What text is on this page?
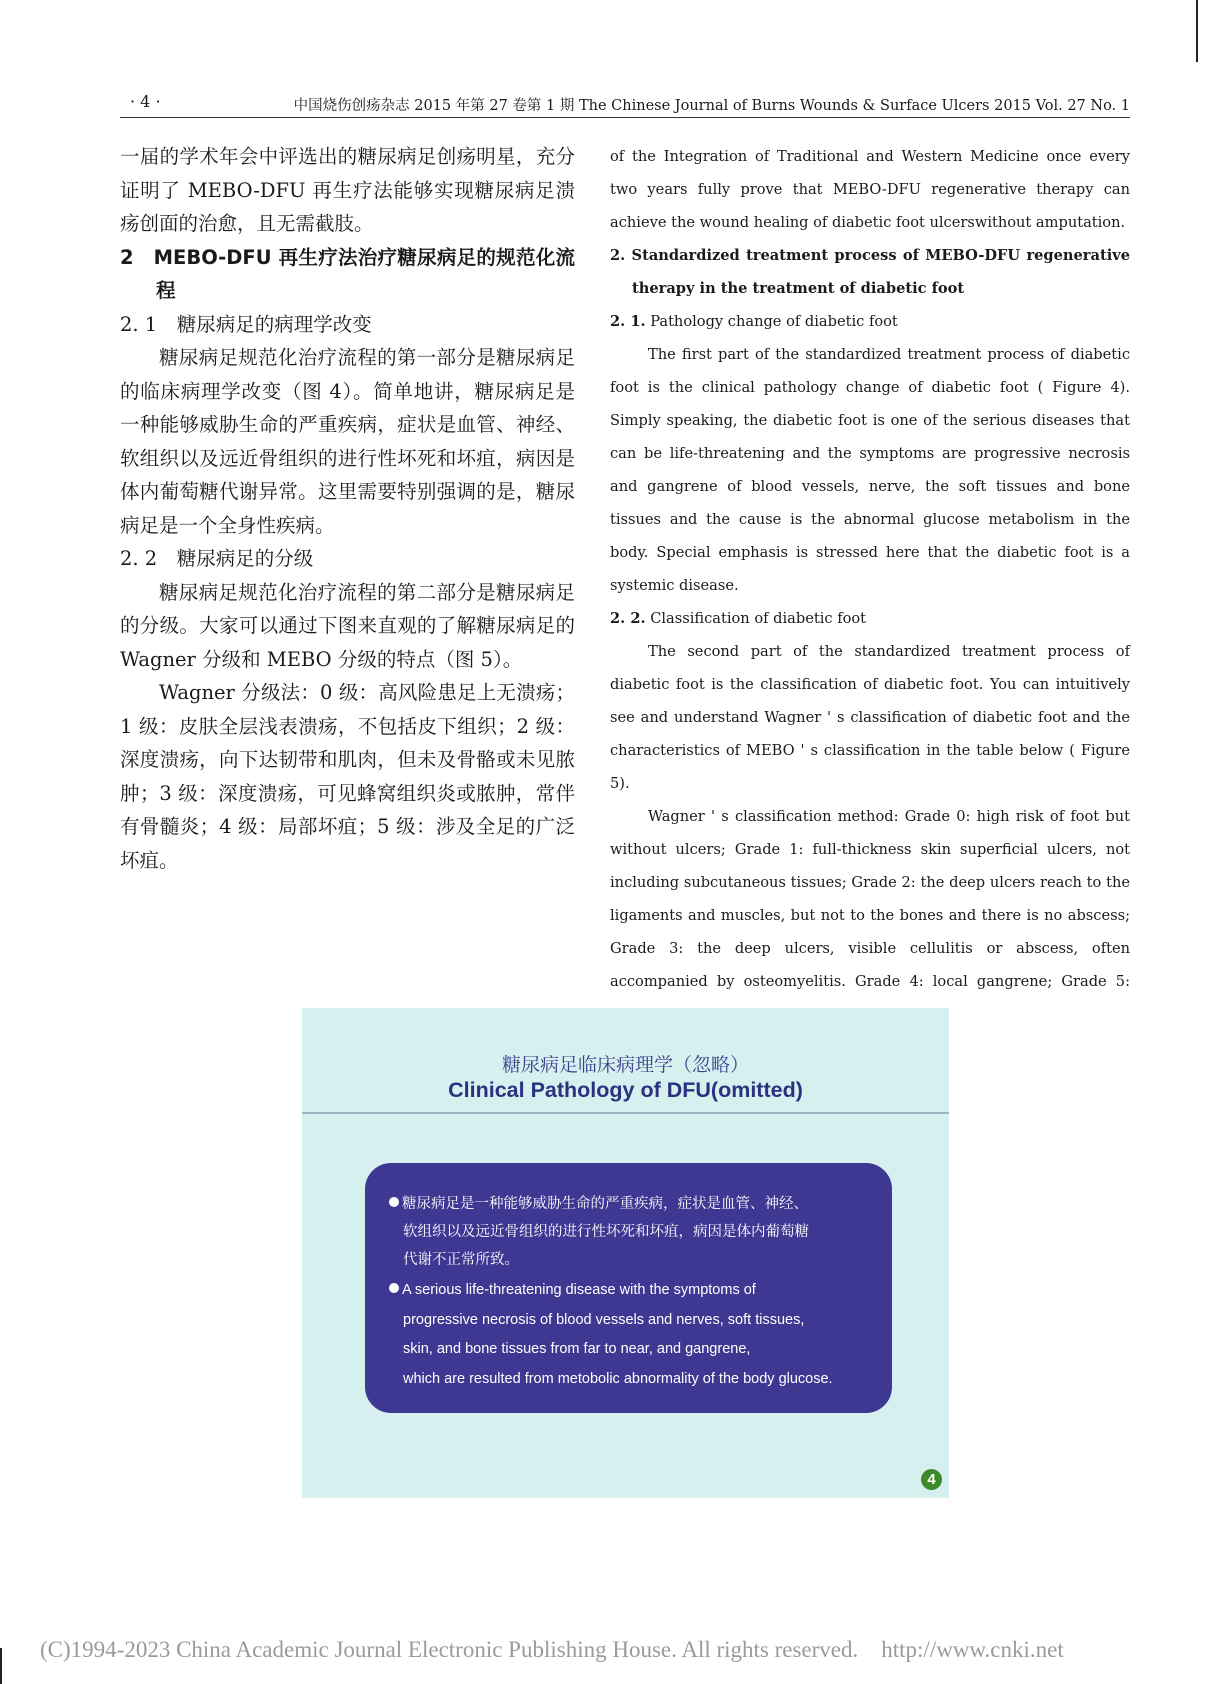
· 4 ·	中国烧伤创疡杂志 2015 年第 27 卷第 1 期 The Chinese Journal of Burns Wounds & Surface Ulcers 2015 Vol. 27 No. 1

一届的学术年会中评选出的糖尿病足创疡明星，充分证明了 MEBO-DFU 再生疗法能够实现糖尿病足溃疡创面的治愈，且无需截肢。

2　MEBO-DFU 再生疗法治疗糖尿病足的规范化流程

2. 1　糖尿病足的病理学改变

糖尿病足规范化治疗流程的第一部分是糖尿病足的临床病理学改变（图 4）。简单地讲，糖尿病足是一种能够威胁生命的严重疾病，症状是血管、神经、软组织以及远近骨组织的进行性坏死和坏疽，病因是体内葡萄糖代谢异常。这里需要特别强调的是，糖尿病足是一个全身性疾病。

2. 2　糖尿病足的分级

糖尿病足规范化治疗流程的第二部分是糖尿病足的分级。大家可以通过下图来直观的了解糖尿病足的 Wagner 分级和 MEBO 分级的特点（图 5）。

Wagner 分级法：0 级：高风险患足上无溃疡；1 级：皮肤全层浅表溃疡，不包括皮下组织；2 级：深度溃疡，向下达韧带和肌肉，但未及骨骼或未见脓肿；3 级：深度溃疡，可见蜂窝组织炎或脓肿，常伴有骨髓炎；4 级：局部坏疽；5 级：涉及全足的广泛坏疽。

of the Integration of Traditional and Western Medicine once every two years fully prove that MEBO-DFU regenerative therapy can achieve the wound healing of diabetic foot ulcerswithout amputation.

2. Standardized treatment process of MEBO-DFU regenerative therapy in the treatment of diabetic foot

2. 1. Pathology change of diabetic foot

The first part of the standardized treatment process of diabetic foot is the clinical pathology change of diabetic foot ( Figure 4). Simply speaking, the diabetic foot is one of the serious diseases that can be life-threatening and the symptoms are progressive necrosis and gangrene of blood vessels, nerve, the soft tissues and bone tissues and the cause is the abnormal glucose metabolism in the body. Special emphasis is stressed here that the diabetic foot is a systemic disease.

2. 2. Classification of diabetic foot

The second part of the standardized treatment process of diabetic foot is the classification of diabetic foot. You can intuitively see and understand Wagner ' s classification of diabetic foot and the characteristics of MEBO ' s classification in the table below ( Figure 5).

Wagner ' s classification method: Grade 0: high risk of foot but without ulcers; Grade 1: full-thickness skin superficial ulcers, not including subcutaneous tissues; Grade 2: the deep ulcers reach to the ligaments and muscles, but not to the bones and there is no abscess; Grade 3: the deep ulcers, visible cellulitis or abscess, often accompanied by osteomyelitis. Grade 4: local gangrene; Grade 5:

糖尿病足临床病理学（忽略）
Clinical Pathology of DFU(omitted)
糖尿病足是一种能够威胁生命的严重疾病，症状是血管、神经、
软组织以及远近骨组织的进行性坏死和坏疽，病因是体内葡萄糖
代谢不正常所致。
A serious life-threatening disease with the symptoms of
progressive necrosis of blood vessels and nerves, soft tissues,
skin, and bone tissues from far to near, and gangrene,
which are resulted from metobolic abnormality of the body glucose.
4
(C)1994-2023 China Academic Journal Electronic Publishing House. All rights reserved. http://www.cnki.net
